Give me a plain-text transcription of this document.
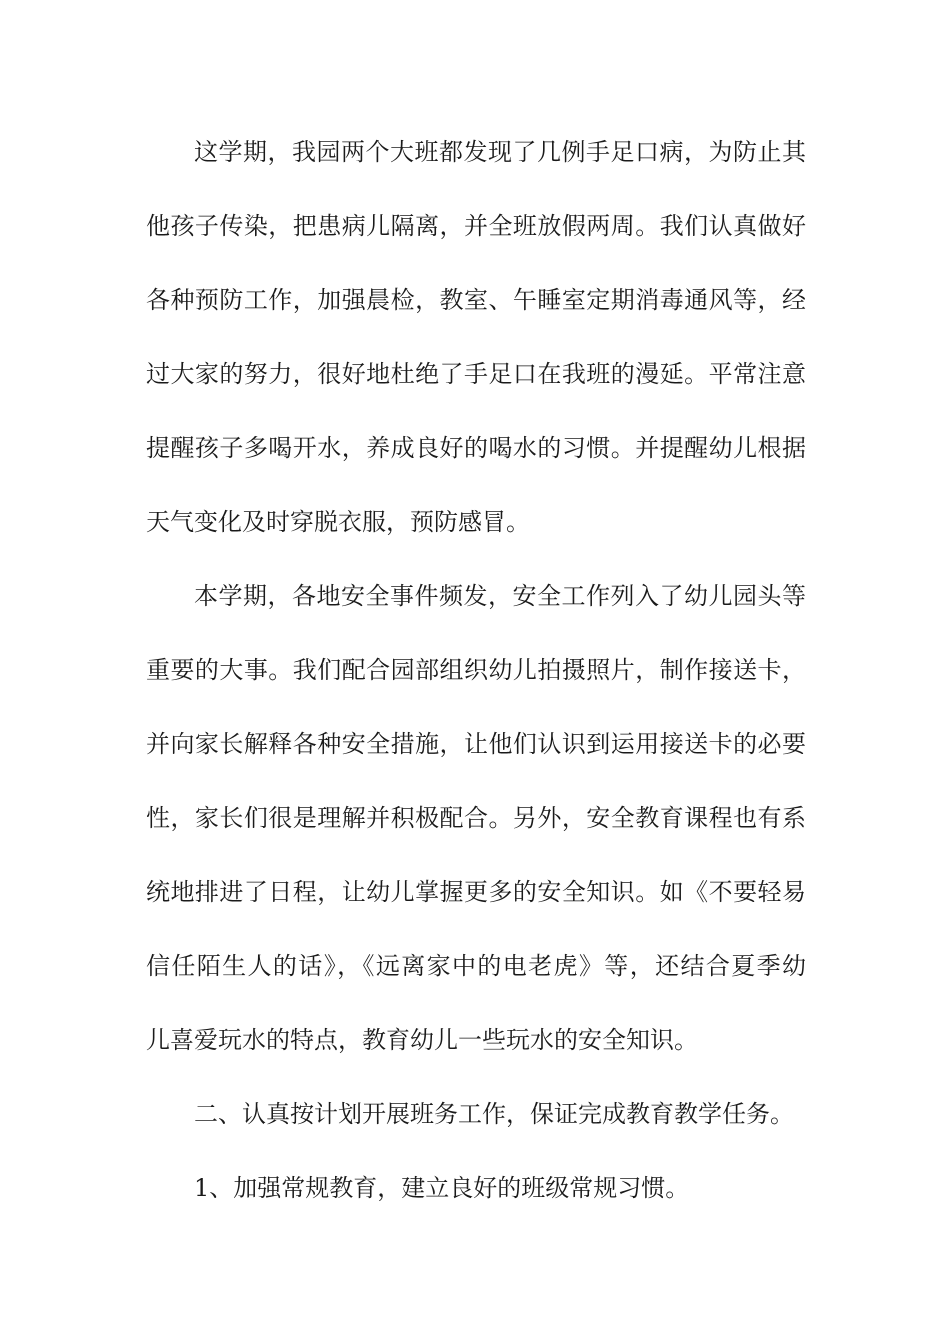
这学期，我园两个大班都发现了几例手足口病，为防止其
他孩子传染，把患病儿隔离，并全班放假两周。我们认真做好
各种预防工作，加强晨检，教室、午睡室定期消毒通风等，经
过大家的努力，很好地杜绝了手足口在我班的漫延。平常注意
提醒孩子多喝开水，养成良好的喝水的习惯。并提醒幼儿根据
天气变化及时穿脱衣服，预防感冒。
本学期，各地安全事件频发，安全工作列入了幼儿园头等
重要的大事。我们配合园部组织幼儿拍摄照片，制作接送卡，
并向家长解释各种安全措施，让他们认识到运用接送卡的必要
性，家长们很是理解并积极配合。另外，安全教育课程也有系
统地排进了日程，让幼儿掌握更多的安全知识。如《不要轻易
信任陌生人的话》，《远离家中的电老虎》等，还结合夏季幼
儿喜爱玩水的特点，教育幼儿一些玩水的安全知识。
二、认真按计划开展班务工作，保证完成教育教学任务。
1、加强常规教育，建立良好的班级常规习惯。
